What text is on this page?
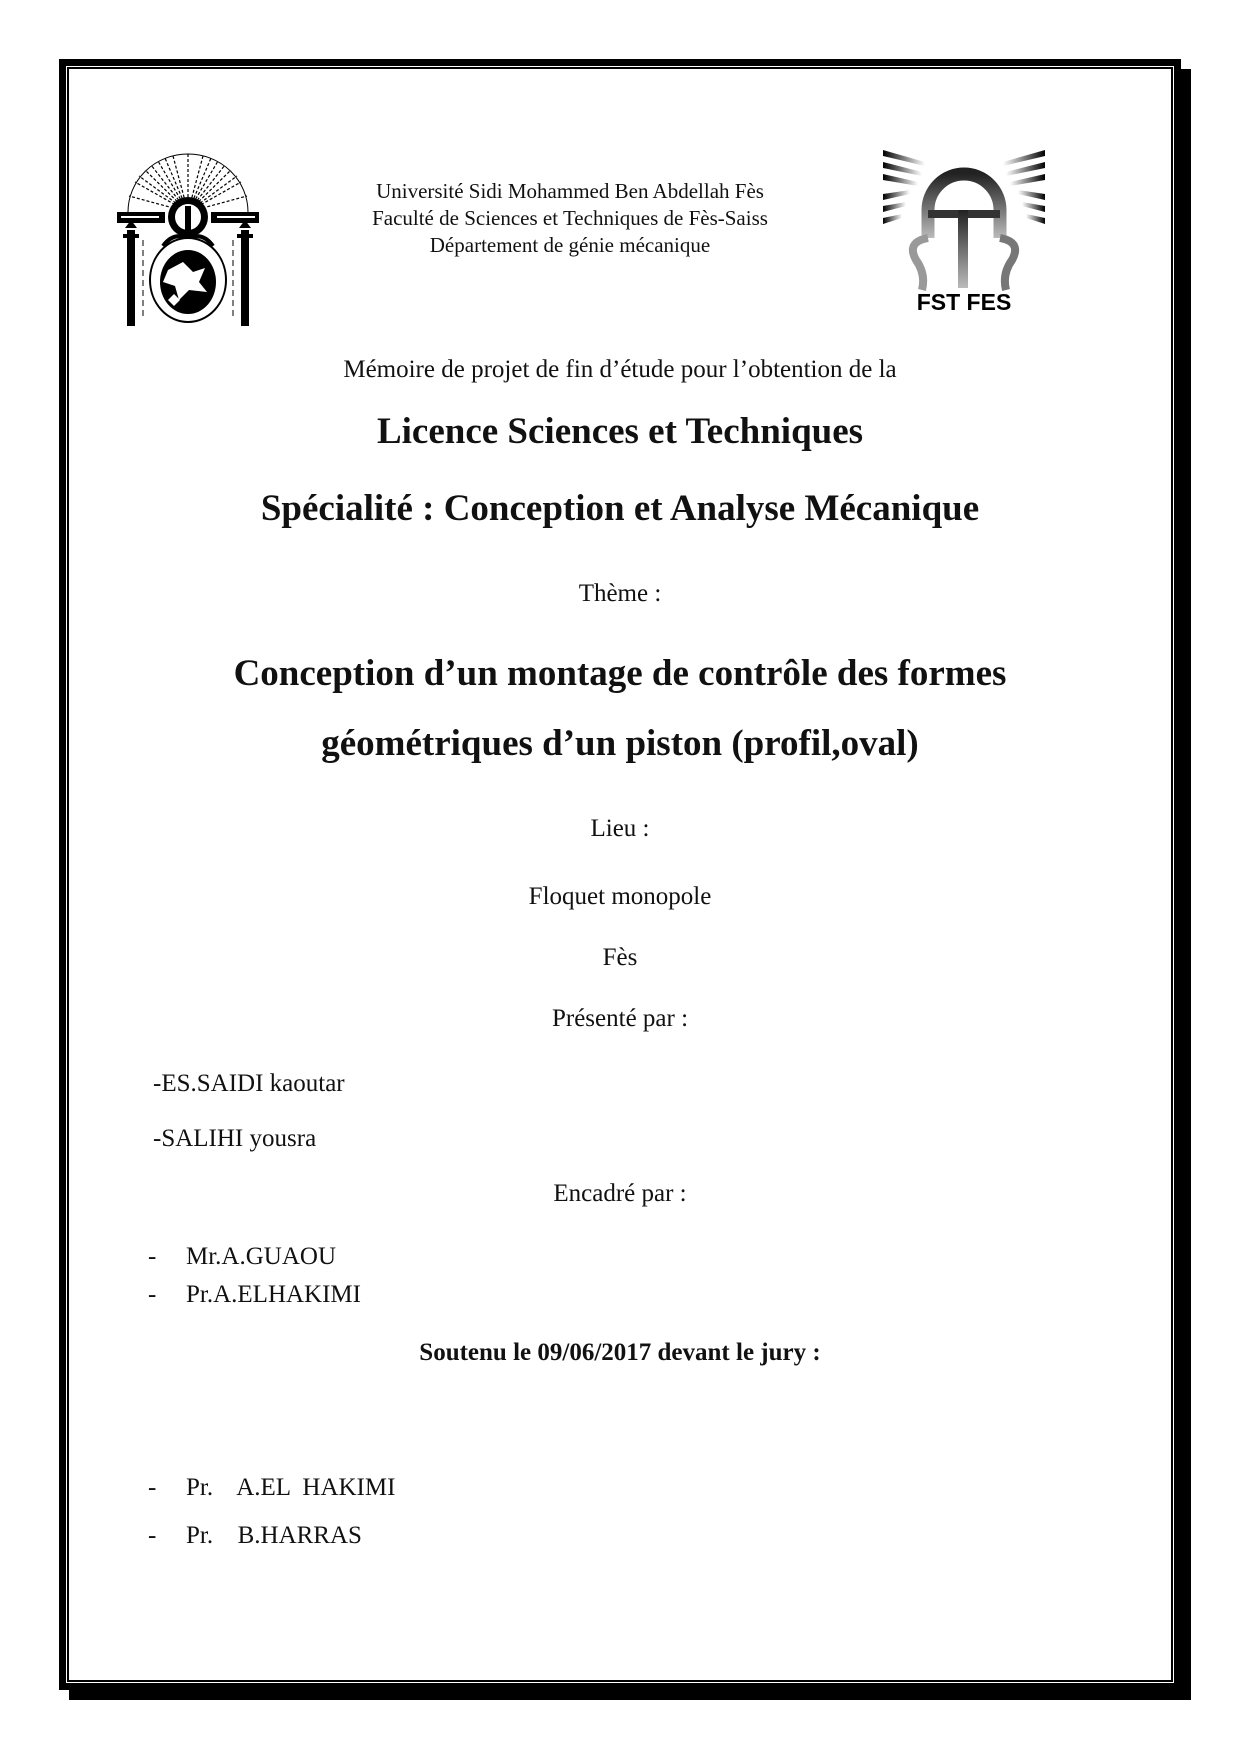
Université Sidi Mohammed Ben Abdellah Fès
Faculté de Sciences et Techniques de Fès-Saiss
Département de génie mécanique
FST FES
Mémoire de projet de fin d’étude pour l’obtention de la
Licence Sciences et Techniques
Spécialité : Conception et Analyse Mécanique
Thème :
Conception d’un montage de contrôle des formes
géométriques d’un piston (profil,oval)
Lieu :
Floquet monopole
Fès
Présenté par :
-ES.SAIDI kaoutar
-SALIHI yousra
Encadré par :
- Mr.A.GUAOU
- Pr.A.ELHAKIMI
Soutenu le 09/06/2017 devant le jury :
- Pr.  A.EL HAKIMI
- Pr.  B.HARRAS
